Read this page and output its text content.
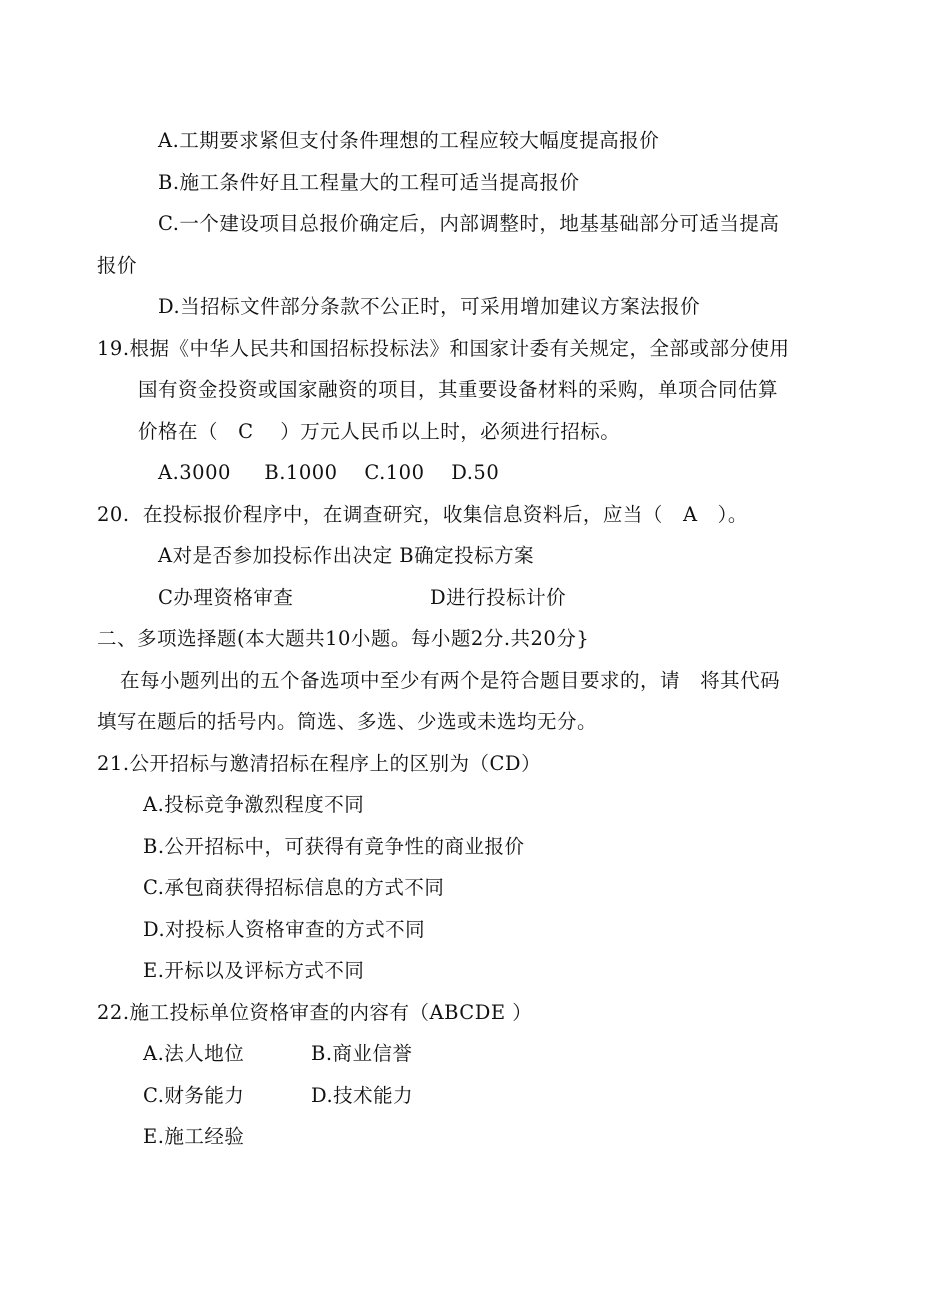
A.工期要求紧但支付条件理想的工程应较大幅度提高报价
B.施工条件好且工程量大的工程可适当提高报价
C.一个建设项目总报价确定后，内部调整时，地基基础部分可适当提高
报价
D.当招标文件部分条款不公正时，可采用增加建议方案法报价
19.根据《中华人民共和国招标投标法》和国家计委有关规定，全部或部分使用
国有资金投资或国家融资的项目，其重要设备材料的采购，单项合同估算
价格在（   C    ）万元人民币以上时，必须进行招标。
A.3000     B.1000    C.100    D.50
20.  在投标报价程序中，在调查研究，收集信息资料后，应当（   A   ）。
A对是否参加投标作出决定 B确定投标方案
C办理资格审查	D进行投标计价
二、多项选择题(本大题共10小题。每小题2分.共20分}
在每小题列出的五个备选项中至少有两个是符合题目要求的，请   将其代码
填写在题后的括号内。筒选、多选、少选或未选均无分。
21.公开招标与邀清招标在程序上的区别为（CD）
A.投标竞争激烈程度不同
B.公开招标中，可获得有竟争性的商业报价
C.承包商获得招标信息的方式不同
D.对投标人资格审查的方式不同
E.开标以及评标方式不同
22.施工投标单位资格审查的内容有（ABCDE ）
A.法人地位	B.商业信誉
C.财务能力	D.技术能力
E.施工经验
